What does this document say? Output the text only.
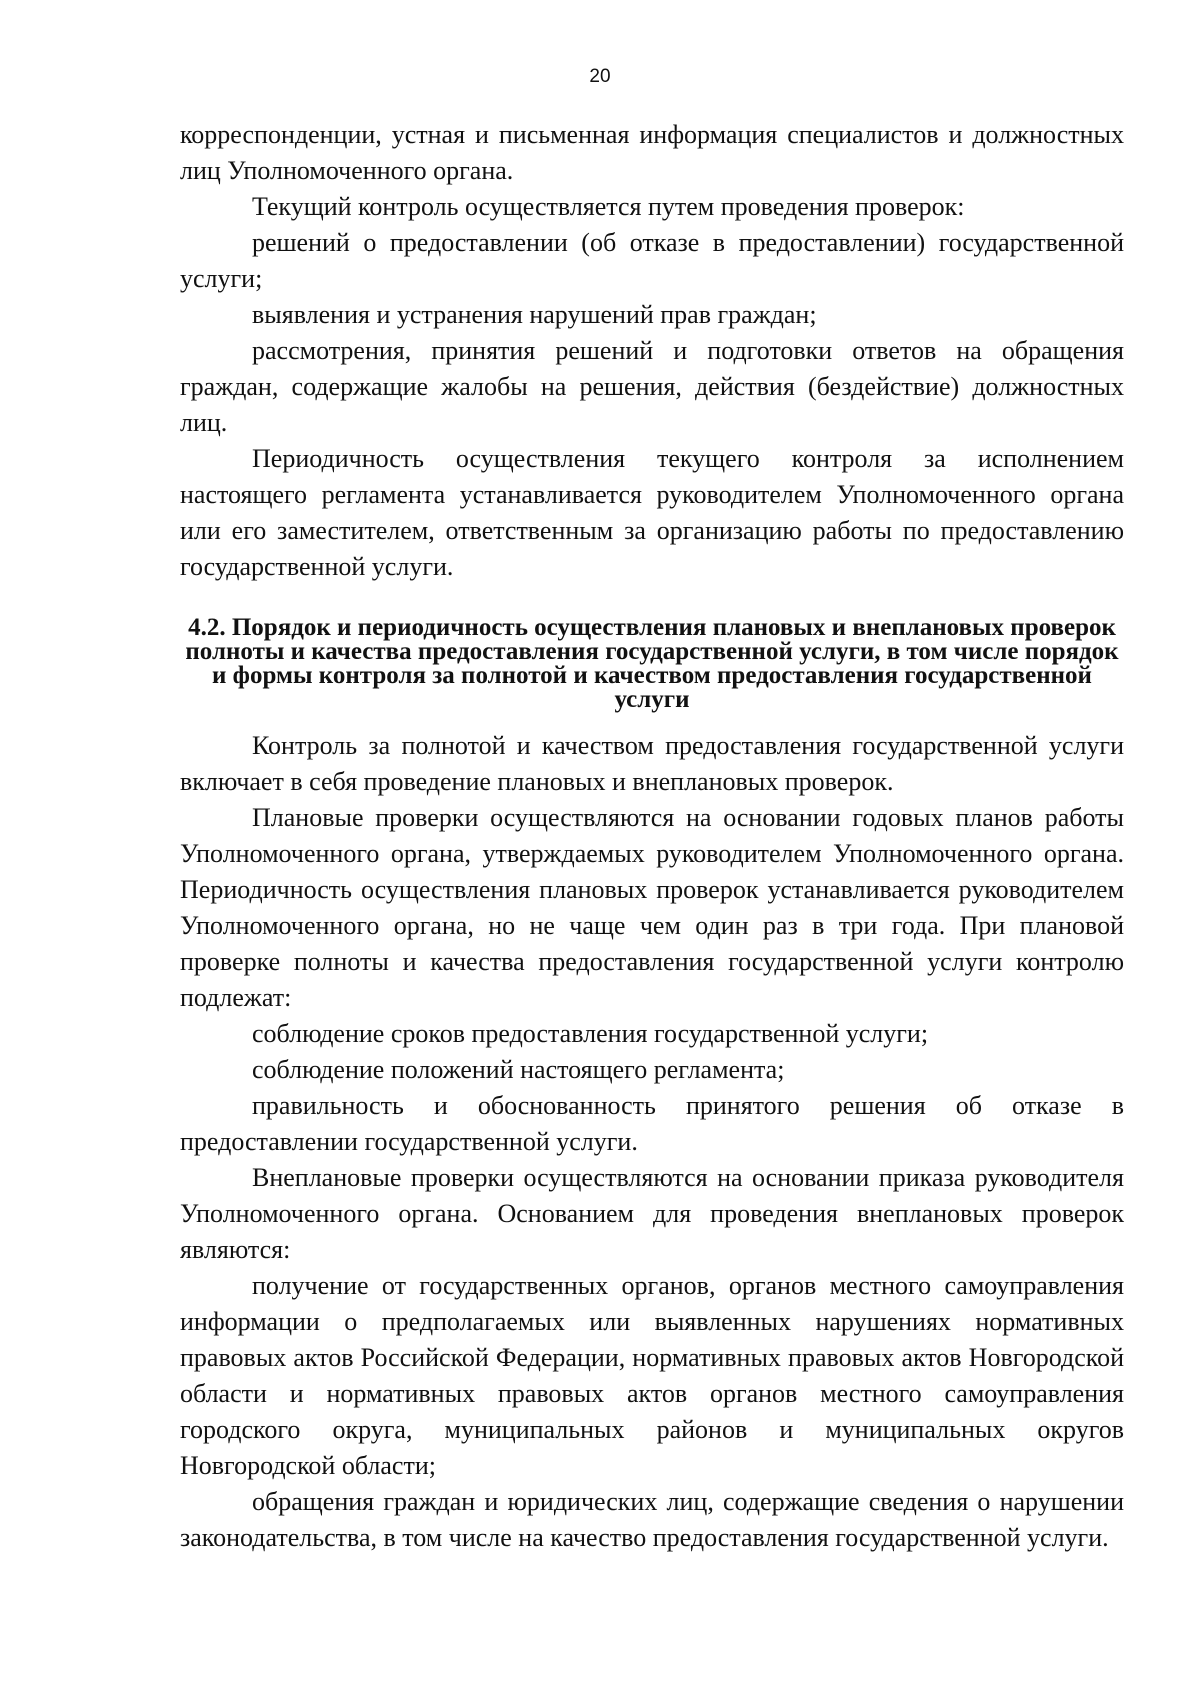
20

корреспонденции, устная и письменная информация специалистов и должностных лиц Уполномоченного органа.

Текущий контроль осуществляется путем проведения проверок:

решений о предоставлении (об отказе в предоставлении) государственной услуги;

выявления и устранения нарушений прав граждан;

рассмотрения, принятия решений и подготовки ответов на обращения граждан, содержащие жалобы на решения, действия (бездействие) должностных лиц.

Периодичность осуществления текущего контроля за исполнением настоящего регламента устанавливается руководителем Уполномоченного органа или его заместителем, ответственным за организацию работы по предоставлению государственной услуги.

4.2. Порядок и периодичность осуществления плановых и внеплановых проверок полноты и качества предоставления государственной услуги, в том числе порядок и формы контроля за полнотой и качеством предоставления государственной услуги

Контроль за полнотой и качеством предоставления государственной услуги включает в себя проведение плановых и внеплановых проверок.

Плановые проверки осуществляются на основании годовых планов работы Уполномоченного органа, утверждаемых руководителем Уполномоченного органа. Периодичность осуществления плановых проверок устанавливается руководителем Уполномоченного органа, но не чаще чем один раз в три года. При плановой проверке полноты и качества предоставления государственной услуги контролю подлежат:

соблюдение сроков предоставления государственной услуги;

соблюдение положений настоящего регламента;

правильность и обоснованность принятого решения об отказе в предоставлении государственной услуги.

Внеплановые проверки осуществляются на основании приказа руководителя Уполномоченного органа. Основанием для проведения внеплановых проверок являются:

получение от государственных органов, органов местного самоуправления информации о предполагаемых или выявленных нарушениях нормативных правовых актов Российской Федерации, нормативных правовых актов Новгородской области и нормативных правовых актов органов местного самоуправления городского округа, муниципальных районов и муниципальных округов Новгородской области;

обращения граждан и юридических лиц, содержащие сведения о нарушении законодательства, в том числе на качество предоставления государственной услуги.
